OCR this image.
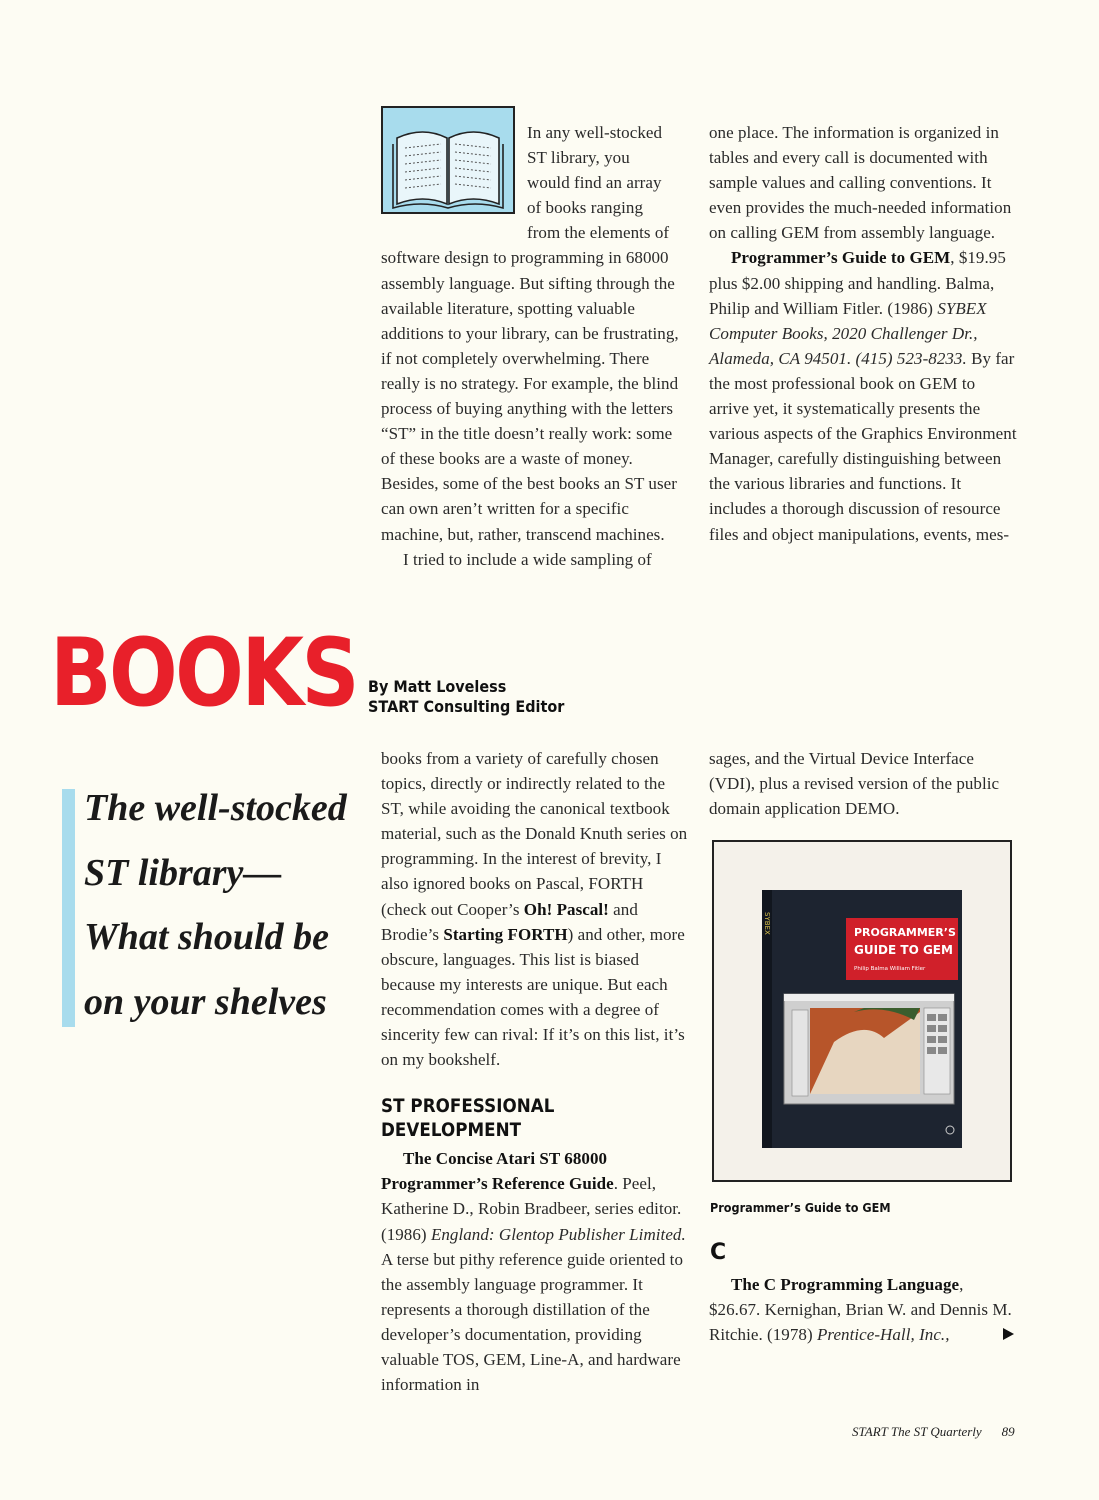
In any well-stocked

ST library, you

would find an array

of books ranging

from the elements of

software design to programming in 68000 assembly language. But sifting through the available literature, spotting valuable additions to your library, can be frustrating, if not completely overwhelming. There really is no strategy. For example, the blind process of buying anything with the letters “ST” in the title doesn’t really work: some of these books are a waste of money. Besides, some of the best books an ST user can own aren’t written for a specific machine, but, rather, transcend machines.

I tried to include a wide sampling of

one place. The information is organized in tables and every call is documented with sample values and calling conventions. It even provides the much-needed information on calling GEM from assembly language.

Programmer’s Guide to GEM, $19.95 plus $2.00 shipping and handling. Balma, Philip and William Fitler. (1986) SYBEX Computer Books, 2020 Challenger Dr., Alameda, CA 94501. (415) 523-8233. By far the most professional book on GEM to arrive yet, it systematically presents the various aspects of the Graphics Environment Manager, carefully distinguishing between the various libraries and functions. It includes a thorough discussion of resource files and object manipulations, events, mes-

BOOKS By Matt Loveless
START Consulting Editor
The well-stocked
ST library—
What should be
on your shelves

books from a variety of carefully chosen topics, directly or indirectly related to the ST, while avoiding the canonical textbook material, such as the Donald Knuth series on programming. In the interest of brevity, I also ignored books on Pascal, FORTH (check out Cooper’s Oh! Pascal! and Brodie’s Starting FORTH) and other, more obscure, languages. This list is biased because my interests are unique. But each recommendation comes with a degree of sincerity few can rival: If it’s on this list, it’s on my bookshelf.

ST PROFESSIONAL
DEVELOPMENT

The Concise Atari ST 68000 Programmer’s Reference Guide. Peel, Katherine D., Robin Bradbeer, series editor. (1986) England: Glentop Publisher Limited. A terse but pithy reference guide oriented to the assembly language programmer. It represents a thorough distillation of the developer’s documentation, providing valuable TOS, GEM, Line-A, and hardware information in

sages, and the Virtual Device Interface (VDI), plus a revised version of the public domain application DEMO.

SYBEX	PROGRAMMER’S
GUIDE TO GEM
Philip Balma William Fitler
Programmer’s Guide to GEM
C

The C Programming Language, $26.67. Kernighan, Brian W. and Dennis M. Ritchie. (1978) Prentice-Hall, Inc.,

START The ST Quarterly 89
